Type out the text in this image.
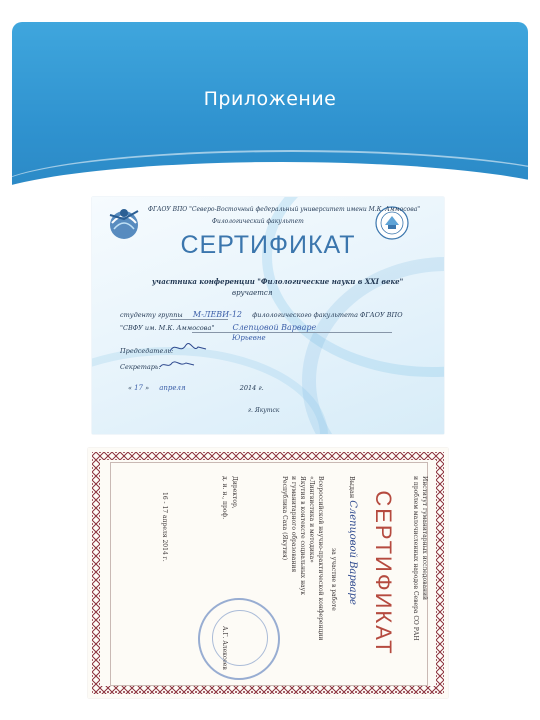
Приложение
ФГАОУ ВПО "Северо-Восточный федеральный университет имени М.К. Аммосова"
Филологический факультет
СЕРТИФИКАТ
участника конференции "Филологические науки в XXI веке"
вручается
студенту группы М-ЛЕВИ-12 филологического факультета ФГАОУ ВПО
"СВФУ им. М.К. Аммосова" Слепцовой Варваре
Юрьевне
Председатель:
Секретарь:
« 17 » апреля	2014 г.
г. Якутск
Институт гуманитарных исследований
и проблем малочисленных народов Севера СО РАН
СЕРТИФИКАТ
Выдан Слепцовой Варваре
за участие в работе
Всероссийской научно-практической конференции
«Лингвистика и методика»
Якутия в контексте социальных наук
и гуманитарного образования
Республика Саха (Якутия)
Директор,
д. и. н., проф.
А.Г. Алексеев
16 - 17 апреля 2014 г.
